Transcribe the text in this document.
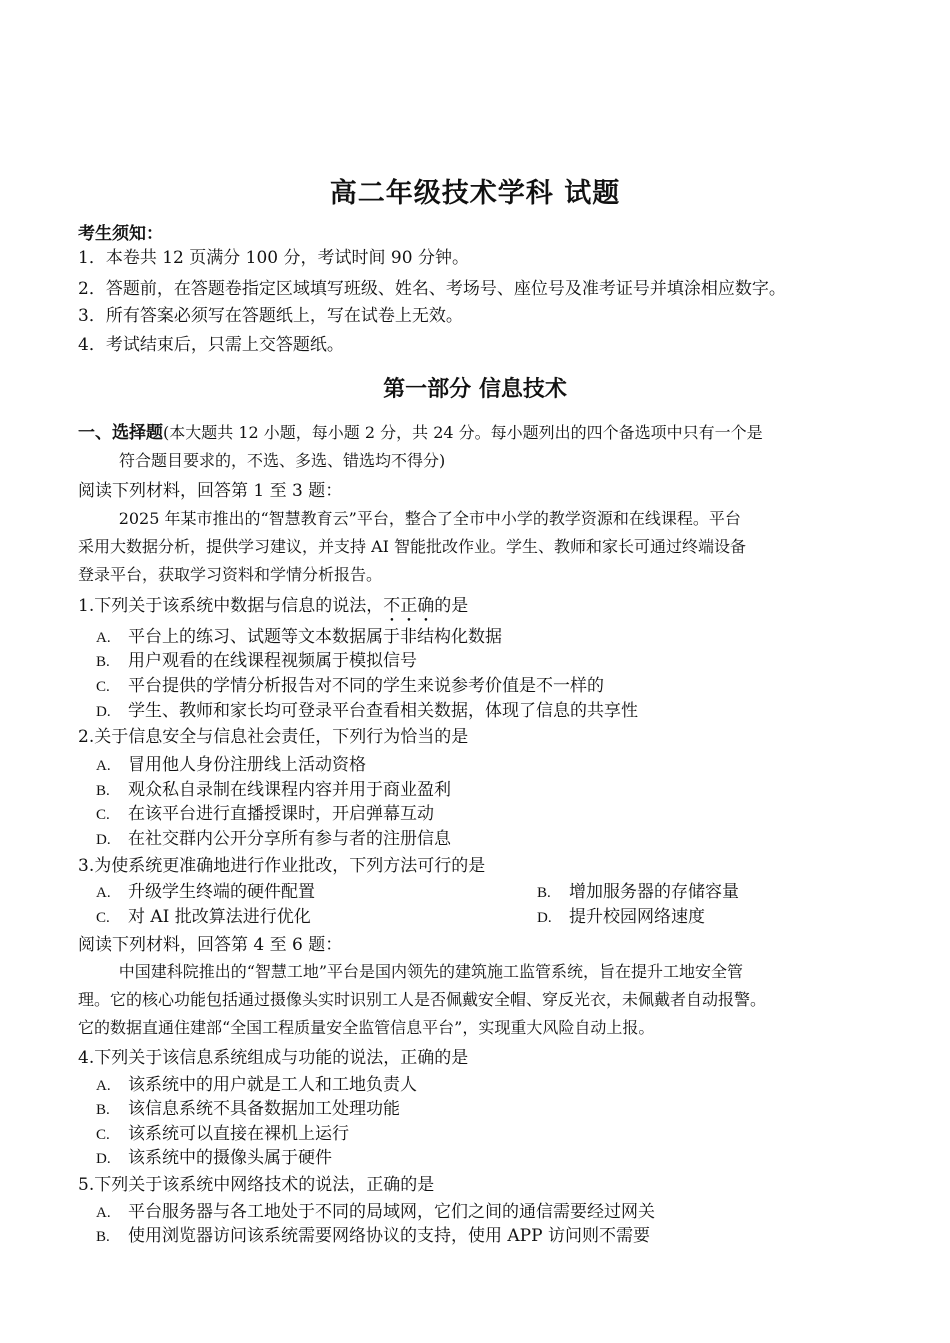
高二年级技术学科 试题
考生须知：
1．本卷共 12 页满分 100 分，考试时间 90 分钟。
2．答题前，在答题卷指定区域填写班级、姓名、考场号、座位号及准考证号并填涂相应数字。
3．所有答案必须写在答题纸上，写在试卷上无效。
4．考试结束后，只需上交答题纸。
第一部分 信息技术
一、选择题(本大题共 12 小题，每小题 2 分，共 24 分。每小题列出的四个备选项中只有一个是
符合题目要求的，不选、多选、错选均不得分)
阅读下列材料，回答第 1 至 3 题：
2025 年某市推出的“智慧教育云”平台，整合了全市中小学的教学资源和在线课程。平台
采用大数据分析，提供学习建议，并支持 AI 智能批改作业。学生、教师和家长可通过终端设备
登录平台，获取学习资料和学情分析报告。
1.下列关于该系统中数据与信息的说法，不正确的是
A. 平台上的练习、试题等文本数据属于非结构化数据
B. 用户观看的在线课程视频属于模拟信号
C. 平台提供的学情分析报告对不同的学生来说参考价值是不一样的
D. 学生、教师和家长均可登录平台查看相关数据，体现了信息的共享性
2.关于信息安全与信息社会责任，下列行为恰当的是
A. 冒用他人身份注册线上活动资格
B. 观众私自录制在线课程内容并用于商业盈利
C. 在该平台进行直播授课时，开启弹幕互动
D. 在社交群内公开分享所有参与者的注册信息
3.为使系统更准确地进行作业批改，下列方法可行的是
A. 升级学生终端的硬件配置	B. 增加服务器的存储容量
C. 对 AI 批改算法进行优化	D. 提升校园网络速度
阅读下列材料，回答第 4 至 6 题：
中国建科院推出的“智慧工地”平台是国内领先的建筑施工监管系统，旨在提升工地安全管
理。它的核心功能包括通过摄像头实时识别工人是否佩戴安全帽、穿反光衣，未佩戴者自动报警。
它的数据直通住建部“全国工程质量安全监管信息平台”，实现重大风险自动上报。
4.下列关于该信息系统组成与功能的说法，正确的是
A. 该系统中的用户就是工人和工地负责人
B. 该信息系统不具备数据加工处理功能
C. 该系统可以直接在裸机上运行
D. 该系统中的摄像头属于硬件
5.下列关于该系统中网络技术的说法，正确的是
A. 平台服务器与各工地处于不同的局域网，它们之间的通信需要经过网关
B. 使用浏览器访问该系统需要网络协议的支持，使用 APP 访问则不需要
